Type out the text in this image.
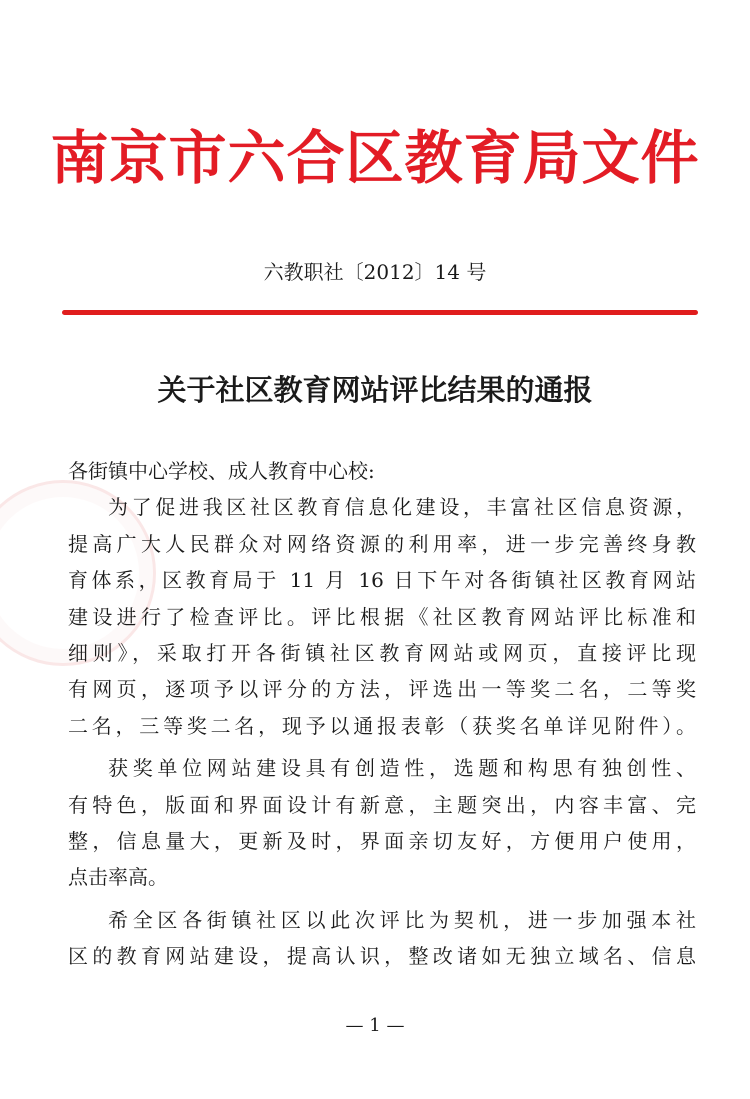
南京市六合区教育局文件
六教职社〔2012〕14 号
关于社区教育网站评比结果的通报
各街镇中心学校、成人教育中心校:
为了促进我区社区教育信息化建设，丰富社区信息资源，
提高广大人民群众对网络资源的利用率，进一步完善终身教
育体系，区教育局于 11 月 16 日下午对各街镇社区教育网站
建设进行了检查评比。评比根据《社区教育网站评比标准和
细则》，采取打开各街镇社区教育网站或网页，直接评比现
有网页，逐项予以评分的方法，评选出一等奖二名，二等奖
二名，三等奖二名，现予以通报表彰（获奖名单详见附件）。
获奖单位网站建设具有创造性，选题和构思有独创性、
有特色，版面和界面设计有新意，主题突出，内容丰富、完
整，信息量大，更新及时，界面亲切友好，方便用户使用，
点击率高。
希全区各街镇社区以此次评比为契机，进一步加强本社
区的教育网站建设，提高认识，整改诸如无独立域名、信息
— 1 —
